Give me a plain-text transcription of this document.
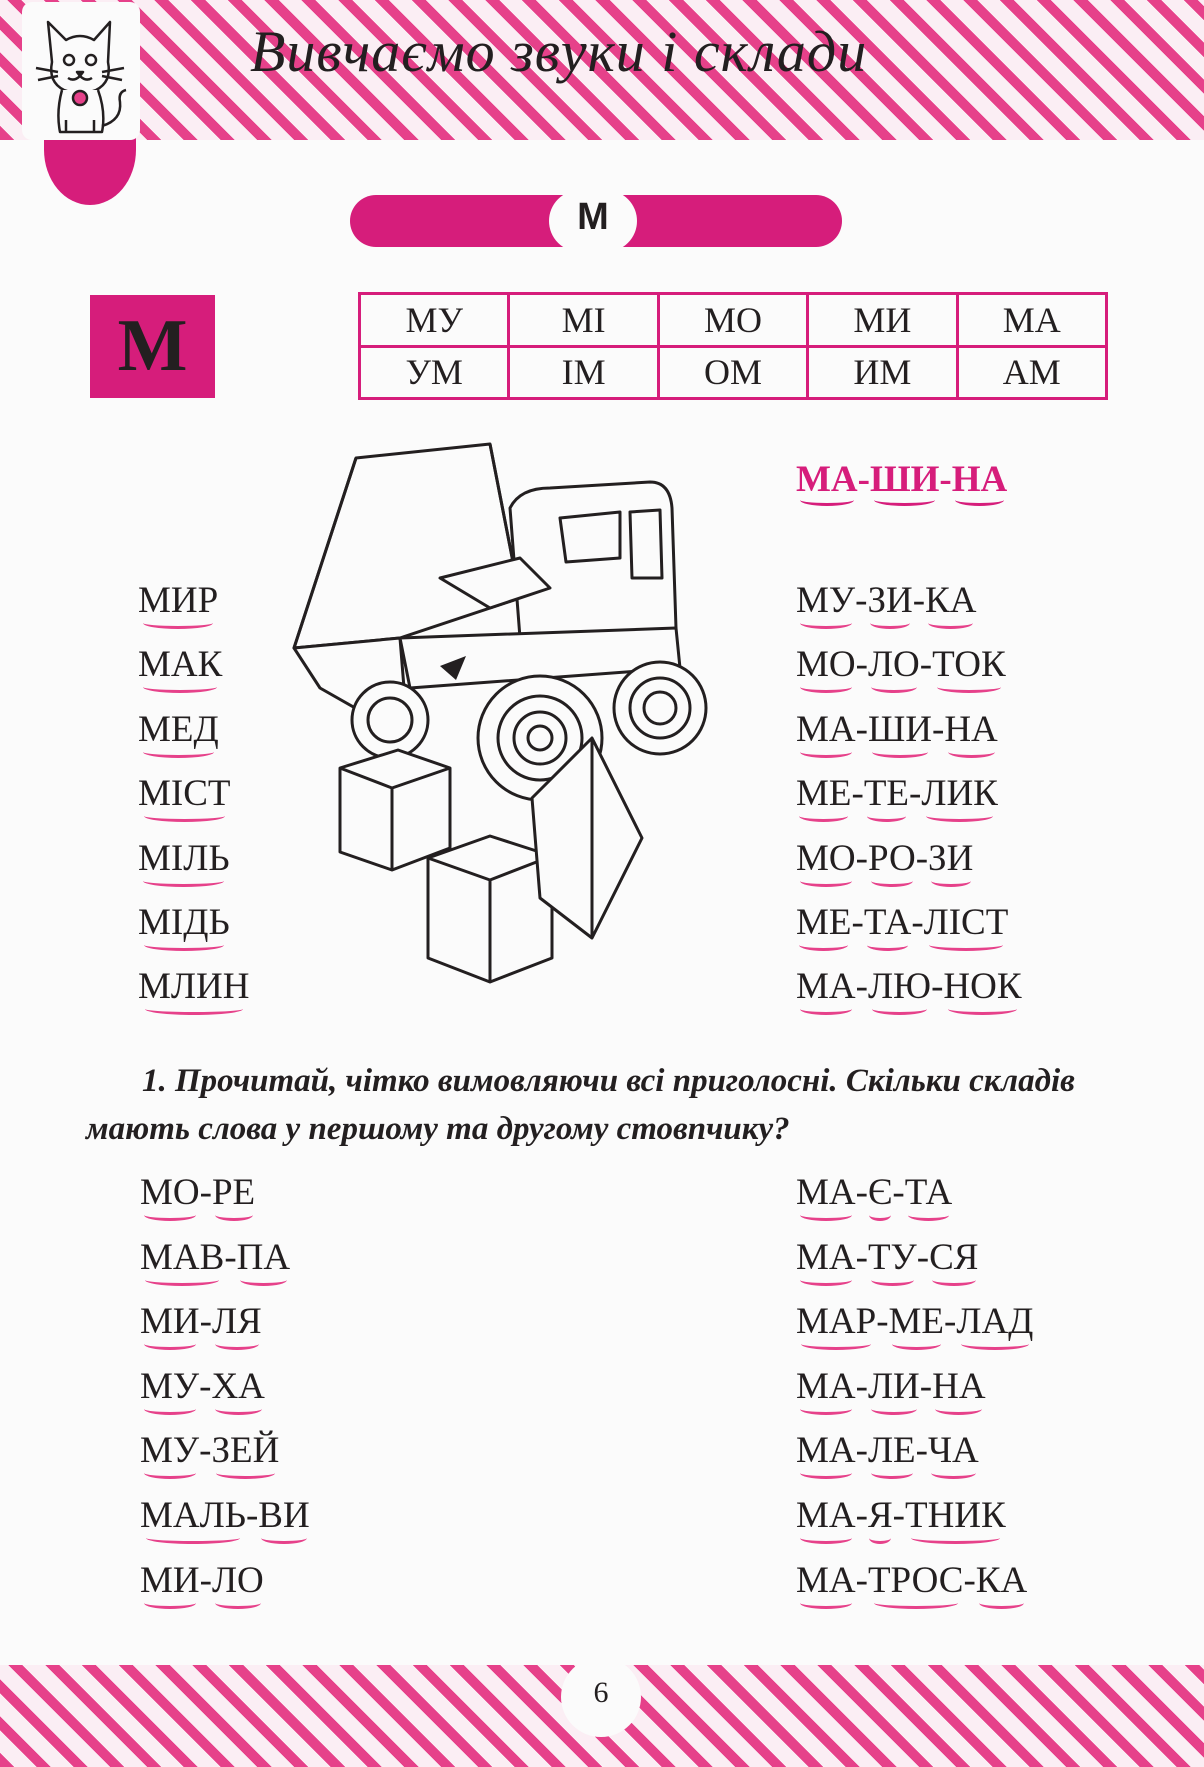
Вивчаємо звуки і склади
М
М	МУ	МІ	МО	МИ	МА
УМ	ІМ	ОМ	ИМ	АМ
МА-ШИ-НА
МИР
МАК
МЕД
МІСТ
МІЛЬ
МІДЬ
МЛИН
МУ-ЗИ-КА
МО-ЛО-ТОК
МА-ШИ-НА
МЕ-ТЕ-ЛИК
МО-РО-ЗИ
МЕ-ТА-ЛІСТ
МА-ЛЮ-НОК

1. Прочитай, чітко вимовляючи всі приголосні. Скільки складів мають слова у першому та другому стовпчику?

МО-РЕ
МАВ-ПА
МИ-ЛЯ
МУ-ХА
МУ-ЗЕЙ
МАЛЬ-ВИ
МИ-ЛО
МА-Є-ТА
МА-ТУ-СЯ
МАР-МЕ-ЛАД
МА-ЛИ-НА
МА-ЛЕ-ЧА
МА-Я-ТНИК
МА-ТРОС-КА
6
